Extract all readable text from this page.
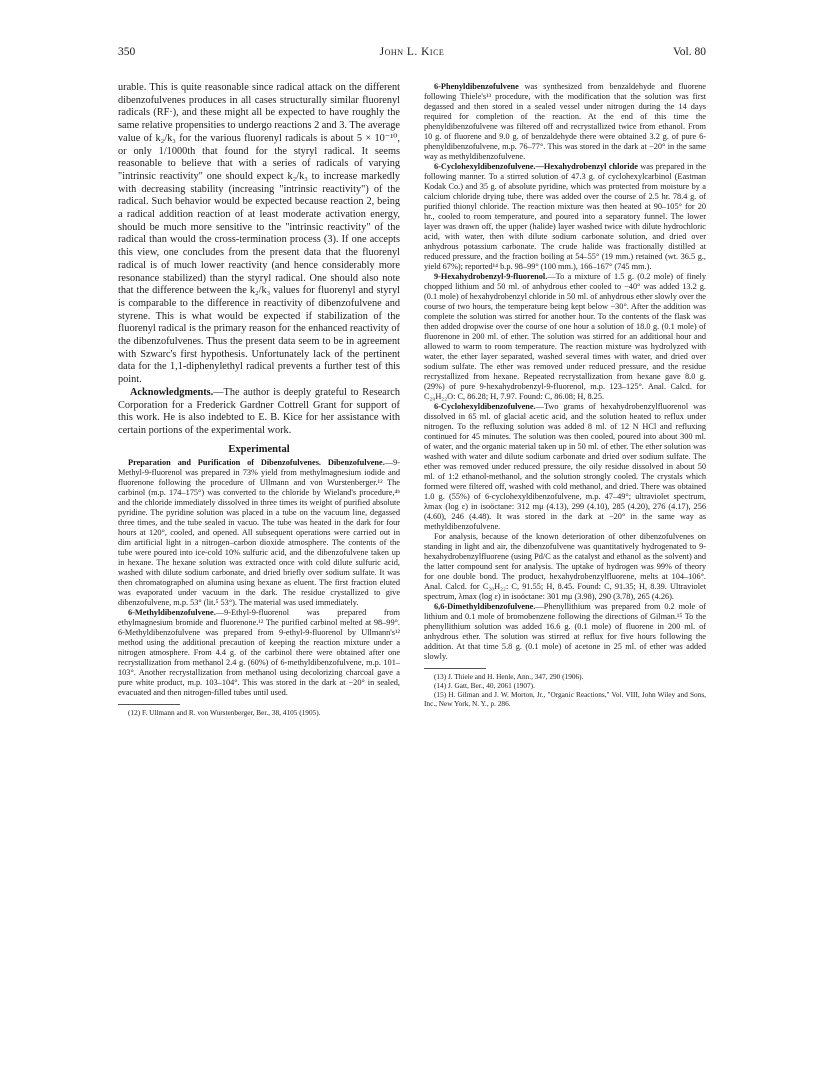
350	John L. Kice	Vol. 80

urable. This is quite reasonable since radical attack on the different dibenzofulvenes produces in all cases structurally similar fluorenyl radicals (RF·), and these might all be expected to have roughly the same relative propensities to undergo reactions 2 and 3. The average value of k₂/k₃ for the various fluorenyl radicals is about 5 × 10⁻¹⁰, or only 1/1000th that found for the styryl radical. It seems reasonable to believe that with a series of radicals of varying "intrinsic reactivity" one should expect k₂/k₃ to increase markedly with decreasing stability (increasing "intrinsic reactivity") of the radical. Such behavior would be expected because reaction 2, being a radical addition reaction of at least moderate activation energy, should be much more sensitive to the "intrinsic reactivity" of the radical than would the cross-termination process (3). If one accepts this view, one concludes from the present data that the fluorenyl radical is of much lower reactivity (and hence considerably more resonance stabilized) than the styryl radical. One should also note that the difference between the k₂/k₃ values for fluorenyl and styryl is comparable to the difference in reactivity of dibenzofulvene and styrene. This is what would be expected if stabilization of the fluorenyl radical is the primary reason for the enhanced reactivity of the dibenzofulvenes. Thus the present data seem to be in agreement with Szwarc's first hypothesis. Unfortunately lack of the pertinent data for the 1,1-diphenylethyl radical prevents a further test of this point.

Acknowledgments.—The author is deeply grateful to Research Corporation for a Frederick Gardner Cottrell Grant for support of this work. He is also indebted to E. B. Kice for her assistance with certain portions of the experimental work.

Experimental

Preparation and Purification of Dibenzofulvenes. Dibenzofulvene.—9-Methyl-9-fluorenol was prepared in 73% yield from methylmagnesium iodide and fluorenone following the procedure of Ullmann and von Wurstenberger.¹² The carbinol (m.p. 174–175°) was converted to the chloride by Wieland's procedure,⁴ᵇ and the chloride immediately dissolved in three times its weight of purified absolute pyridine. The pyridine solution was placed in a tube on the vacuum line, degassed three times, and the tube sealed in vacuo. The tube was heated in the dark for four hours at 120°, cooled, and opened. All subsequent operations were carried out in dim artificial light in a nitrogen–carbon dioxide atmosphere. The contents of the tube were poured into ice-cold 10% sulfuric acid, and the dibenzofulvene taken up in hexane. The hexane solution was extracted once with cold dilute sulfuric acid, washed with dilute sodium carbonate, and dried briefly over sodium sulfate. It was then chromatographed on alumina using hexane as eluent. The first fraction eluted was evaporated under vacuum in the dark. The residue crystallized to give dibenzofulvene, m.p. 53° (lit.⁵ 53°). The material was used immediately.

6-Methyldibenzofulvene.—9-Ethyl-9-fluorenol was prepared from ethylmagnesium bromide and fluorenone.¹² The purified carbinol melted at 98–99°. 6-Methyldibenzofulvene was prepared from 9-ethyl-9-fluorenol by Ullmann's¹² method using the additional precaution of keeping the reaction mixture under a nitrogen atmosphere. From 4.4 g. of the carbinol there were obtained after one recrystallization from methanol 2.4 g. (60%) of 6-methyldibenzofulvene, m.p. 101–103°. Another recrystallization from methanol using decolorizing charcoal gave a pure white product, m.p. 103–104°. This was stored in the dark at −20° in sealed, evacuated and then nitrogen-filled tubes until used.

(12) F. Ullmann and R. von Wurstenberger, Ber., 38, 4105 (1905).

6-Phenyldibenzofulvene was synthesized from benzaldehyde and fluorene following Thiele's¹³ procedure, with the modification that the solution was first degassed and then stored in a sealed vessel under nitrogen during the 14 days required for completion of the reaction. At the end of this time the phenyldibenzofulvene was filtered off and recrystallized twice from ethanol. From 10 g. of fluorene and 9.0 g. of benzaldehyde there were obtained 3.2 g. of pure 6-phenyldibenzofulvene, m.p. 76–77°. This was stored in the dark at −20° in the same way as methyldibenzofulvene.

6-Cyclohexyldibenzofulvene.—Hexahydrobenzyl chloride was prepared in the following manner. To a stirred solution of 47.3 g. of cyclohexylcarbinol (Eastman Kodak Co.) and 35 g. of absolute pyridine, which was protected from moisture by a calcium chloride drying tube, there was added over the course of 2.5 hr. 78.4 g. of purified thionyl chloride. The reaction mixture was then heated at 90–105° for 20 hr., cooled to room temperature, and poured into a separatory funnel. The lower layer was drawn off, the upper (halide) layer washed twice with dilute hydrochloric acid, with water, then with dilute sodium carbonate solution, and dried over anhydrous potassium carbonate. The crude halide was fractionally distilled at reduced pressure, and the fraction boiling at 54–55° (19 mm.) retained (wt. 36.5 g., yield 67%); reported¹⁴ b.p. 98–99° (100 mm.), 166–167° (745 mm.).

9-Hexahydrobenzyl-9-fluorenol.—To a mixture of 1.5 g. (0.2 mole) of finely chopped lithium and 50 ml. of anhydrous ether cooled to −40° was added 13.2 g. (0.1 mole) of hexahydrobenzyl chloride in 50 ml. of anhydrous ether slowly over the course of two hours, the temperature being kept below −30°. After the addition was complete the solution was stirred for another hour. To the contents of the flask was then added dropwise over the course of one hour a solution of 18.0 g. (0.1 mole) of fluorenone in 200 ml. of ether. The solution was stirred for an additional hour and allowed to warm to room temperature. The reaction mixture was hydrolyzed with water, the ether layer separated, washed several times with water, and dried over sodium sulfate. The ether was removed under reduced pressure, and the residue recrystallized from hexane. Repeated recrystallization from hexane gave 8.0 g. (29%) of pure 9-hexahydrobenzyl-9-fluorenol, m.p. 123–125°. Anal. Calcd. for C₂₀H₂₂O: C, 86.28; H, 7.97. Found: C, 86.08; H, 8.25.

6-Cyclohexyldibenzofulvene.—Two grams of hexahydrobenzylfluorenol was dissolved in 65 ml. of glacial acetic acid, and the solution heated to reflux under nitrogen. To the refluxing solution was added 8 ml. of 12 N HCl and refluxing continued for 45 minutes. The solution was then cooled, poured into about 300 ml. of water, and the organic material taken up in 50 ml. of ether. The ether solution was washed with water and dilute sodium carbonate and dried over sodium sulfate. The ether was removed under reduced pressure, the oily residue dissolved in about 50 ml. of 1:2 ethanol-methanol, and the solution strongly cooled. The crystals which formed were filtered off, washed with cold methanol, and dried. There was obtained 1.0 g. (55%) of 6-cyclohexyldibenzofulvene, m.p. 47–49°; ultraviolet spectrum, λmax (log ε) in isoöctane: 312 mμ (4.13), 299 (4.10), 285 (4.20), 276 (4.17), 256 (4.60), 246 (4.48). It was stored in the dark at −20° in the same way as methyldibenzofulvene.

For analysis, because of the known deterioration of other dibenzofulvenes on standing in light and air, the dibenzofulvene was quantitatively hydrogenated to 9-hexahydrobenzylfluorene (using Pd/C as the catalyst and ethanol as the solvent) and the latter compound sent for analysis. The uptake of hydrogen was 99% of theory for one double bond. The product, hexahydrobenzylfluorene, melts at 104–106°. Anal. Calcd. for C₂₀H₂₂: C, 91.55; H, 8.45. Found: C, 91.35; H, 8.39. Ultraviolet spectrum, λmax (log ε) in isoöctane: 301 mμ (3.98), 290 (3.78), 265 (4.26).

6,6-Dimethyldibenzofulvene.—Phenyllithium was prepared from 0.2 mole of lithium and 0.1 mole of bromobenzene following the directions of Gilman.¹⁵ To the phenyllithium solution was added 16.6 g. (0.1 mole) of fluorene in 200 ml. of anhydrous ether. The solution was stirred at reflux for five hours following the addition. At that time 5.8 g. (0.1 mole) of acetone in 25 ml. of ether was added slowly.

(13) J. Thiele and H. Henle, Ann., 347, 290 (1906).

(14) J. Gatt, Ber., 40, 2061 (1907).

(15) H. Gilman and J. W. Morton, Jr., "Organic Reactions," Vol. VIII, John Wiley and Sons, Inc., New York, N. Y., p. 286.
